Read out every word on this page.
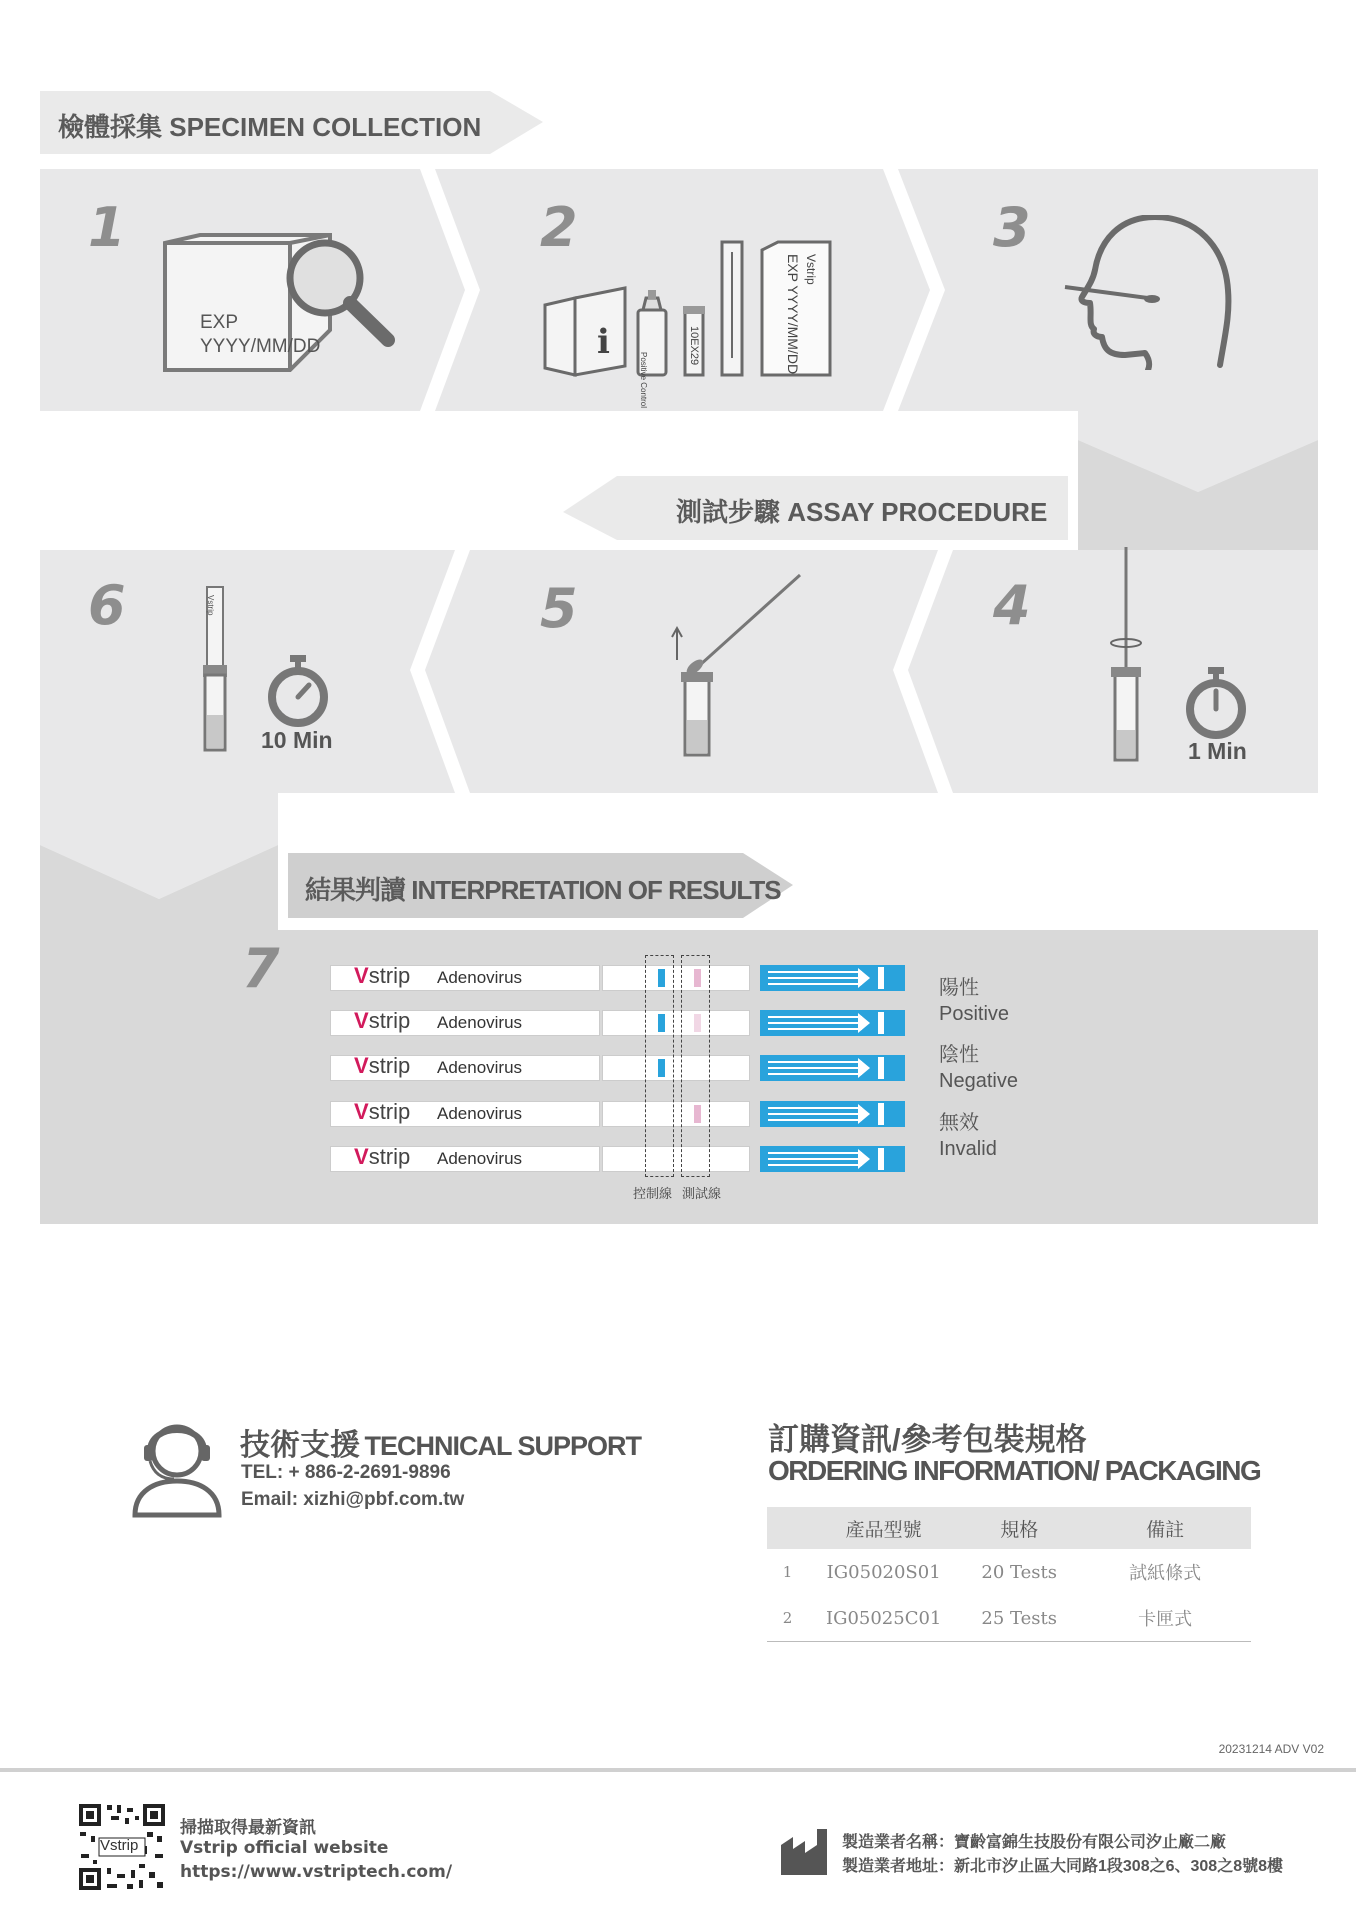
檢體採集 SPECIMEN COLLECTION
測試步驟 ASSAY PROCEDURE
結果判讀 INTERPRETATION OF RESULTS
1	2	3
4
5
6
7
EXP
YYYY/MM/DD	i
Positive Control
10EX29
Vstrip
EXP YYYY/MM/DD
1 Min
Vstrip
10 Min
Vstrip Adenovirus
Vstrip Adenovirus
Vstrip Adenovirus
Vstrip Adenovirus
Vstrip Adenovirus
控制線 測試線
陽性
Positive
陰性
Negative
無效
Invalid
技術支援 TECHNICAL SUPPORT
TEL: + 886-2-2691-9896
Email: xizhi@pbf.com.tw
訂購資訊/參考包裝規格
ORDERING INFORMATION/ PACKAGING
	產品型號	規格	備註
1	IG05020S01	20 Tests	試紙條式
2	IG05025C01	25 Tests	卡匣式
20231214 ADV V02
Vstrip
掃描取得最新資訊
Vstrip official website
https://www.vstriptech.com/
製造業者名稱：寶齡富錦生技股份有限公司汐止廠二廠
製造業者地址：新北市汐止區大同路1段308之6、308之8號8樓
